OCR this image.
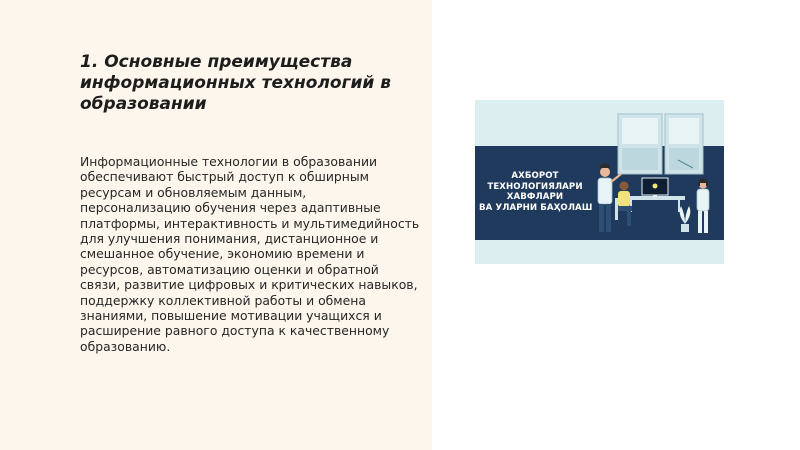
1. Основные преимущества информационных технологий в образовании

Информационные технологии в образовании обеспечивают быстрый доступ к обширным ресурсам и обновляемым данным, персонализацию обучения через адаптивные платформы, интерактивность и мультимедийность для улучшения понимания, дистанционное и смешанное обучение, экономию времени и ресурсов, автоматизацию оценки и обратной связи, развитие цифровых и критических навыков, поддержку коллективной работы и обмена знаниями, повышение мотивации учащихся и расширение равного доступа к качественному образованию.

АХБОРОТ
ТЕХНОЛОГИЯЛАРИ
ХАВФЛАРИ
ВА УЛАРНИ БАҲОЛАШ
